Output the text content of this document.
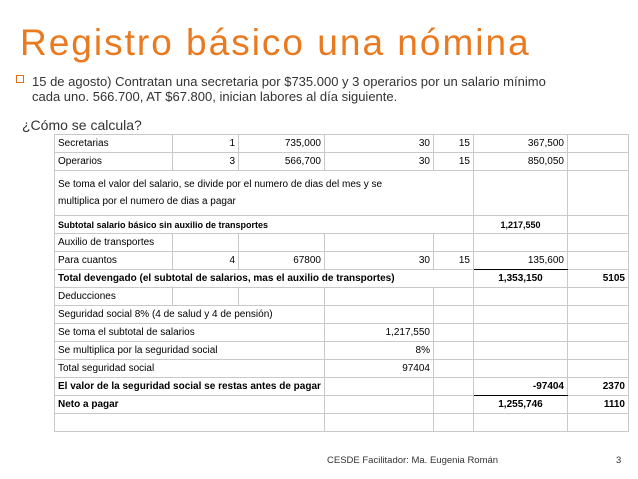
Registro básico una nómina
15 de agosto) Contratan una secretaria por $735.000 y 3 operarios por un salario mínimo cada uno. 566.700, AT $67.800, inician labores al día siguiente.
¿Cómo se calcula?
Secretarias	1	735,000	30	15	367,500	
Operarios	3	566,700	30	15	850,050	

Se toma el valor del salario, se divide por el numero de dias del mes y se
multiplica por el numero de dias a pagar						

Subtotal salario básico sin auxilio de transportes					1,217,550	
Auxilio de transportes						
Para cuantos	4	67800	30	15	135,600	
Total devengado (el subtotal de salarios, mas el auxilio de transportes)					1,353,150	5105
Deducciones						
Seguridad social 8% (4 de salud y 4 de pensión)						
Se toma el subtotal de salarios			1,217,550			
Se multiplica por la seguridad social			8%			
Total seguridad social			97404			
El valor de la seguridad social se restas antes de pagar					-97404	2370
Neto a pagar					1,255,746	1110

CESDE Facilitador: Ma. Eugenia Román	3
